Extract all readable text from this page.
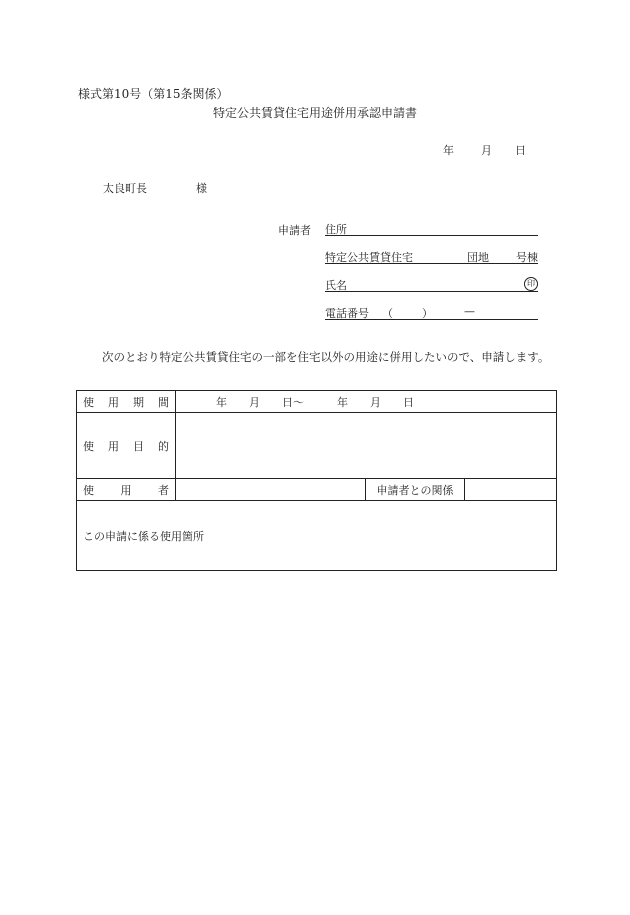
様式第10号（第15条関係）
特定公共賃貸住宅用途併用承認申請書
年 月 日
太良町長	様
申請者 住所
特定公共賃貸住宅	団地 号棟
氏名	印
電話番号 （	）	—
次のとおり特定公共賃貸住宅の一部を住宅以外の用途に併用したいので、申請します。
使用期間	年　　月　　日～　　　年　　月　　日		
使用目的			
使用者		申請者との関係	
この申請に係る使用箇所			
